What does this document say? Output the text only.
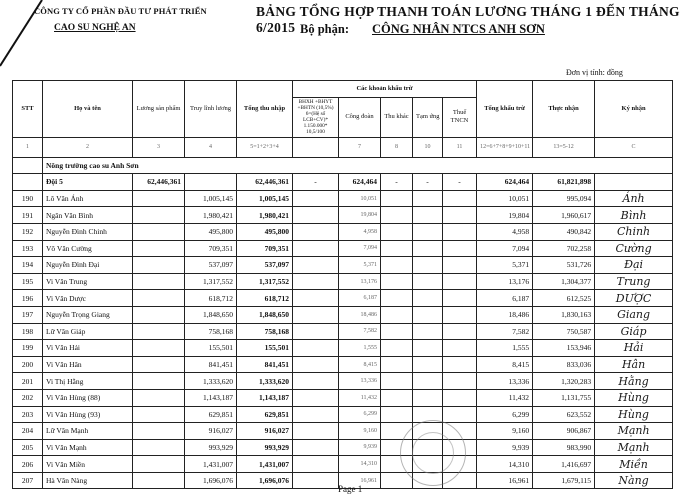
CÔNG TY CỔ PHẦN ĐẦU TƯ PHÁT TRIỂN
CAO SU NGHỆ AN
BẢNG TỔNG HỢP THANH TOÁN LƯƠNG THÁNG 1 ĐẾN THÁNG 6/2015 Bộ phận: CÔNG NHÂN NTCS ANH SƠN
Đơn vị tính: đồng
STT	Họ và tên	Lương sản phẩm	Truy lĩnh lương	Tổng thu nhập	Các khoản khấu trừ					Tổng khấu trừ	Thực nhận	Ký nhận
					BHXH +BHYT +BHTN (10,5%) 6=(Hệ số LCB+CV)* 1.150.000* 10,5/100	Công đoàn	Thu khác	Tạm ứng	Thuế TNCN			
1	2	3	4	5=1+2+3+4		7	8	10	11	12=6+7+8+9+10+11	13=5-12	C
	Nông trường cao su Anh Sơn											
	Đội 5	62,446,361		62,446,361	-	624,464	-	-	-	624,464	61,821,898	
190	Lô Văn Ánh		1,005,145	1,005,145		10,051				10,051	995,094	Ánh
191	Ngân Văn Bình		1,980,421	1,980,421		19,804				19,804	1,960,617	Bình
192	Nguyễn Đình Chinh		495,800	495,800		4,958				4,958	490,842	Chinh
193	Võ Văn Cường		709,351	709,351		7,094				7,094	702,258	Cường
194	Nguyễn Đình Đại		537,097	537,097		5,371				5,371	531,726	Đại
195	Vi Văn Trung		1,317,552	1,317,552		13,176				13,176	1,304,377	Trung
196	Vi Văn Dược		618,712	618,712		6,187				6,187	612,525	DƯỢC
197	Nguyễn Trọng Giang		1,848,650	1,848,650		18,486				18,486	1,830,163	Giang
198	Lữ Văn Giáp		758,168	758,168		7,582				7,582	750,587	Giáp
199	Vi Văn Hải		155,501	155,501		1,555				1,555	153,946	Hải
200	Vi Văn Hân		841,451	841,451		8,415				8,415	833,036	Hân
201	Vi Thị Hằng		1,333,620	1,333,620		13,336				13,336	1,320,283	Hằng
202	Vi Văn Hùng (88)		1,143,187	1,143,187		11,432				11,432	1,131,755	Hùng
203	Vi Văn Hùng (93)		629,851	629,851		6,299				6,299	623,552	Hùng
204	Lữ Văn Mạnh		916,027	916,027		9,160				9,160	906,867	Mạnh
205	Vi Văn Mạnh		993,929	993,929		9,939				9,939	983,990	Mạnh
206	Vi Văn Miền		1,431,007	1,431,007		14,310				14,310	1,416,697	Miền
207	Hà Văn Nàng		1,696,076	1,696,076		16,961				16,961	1,679,115	Nàng
Page 1
